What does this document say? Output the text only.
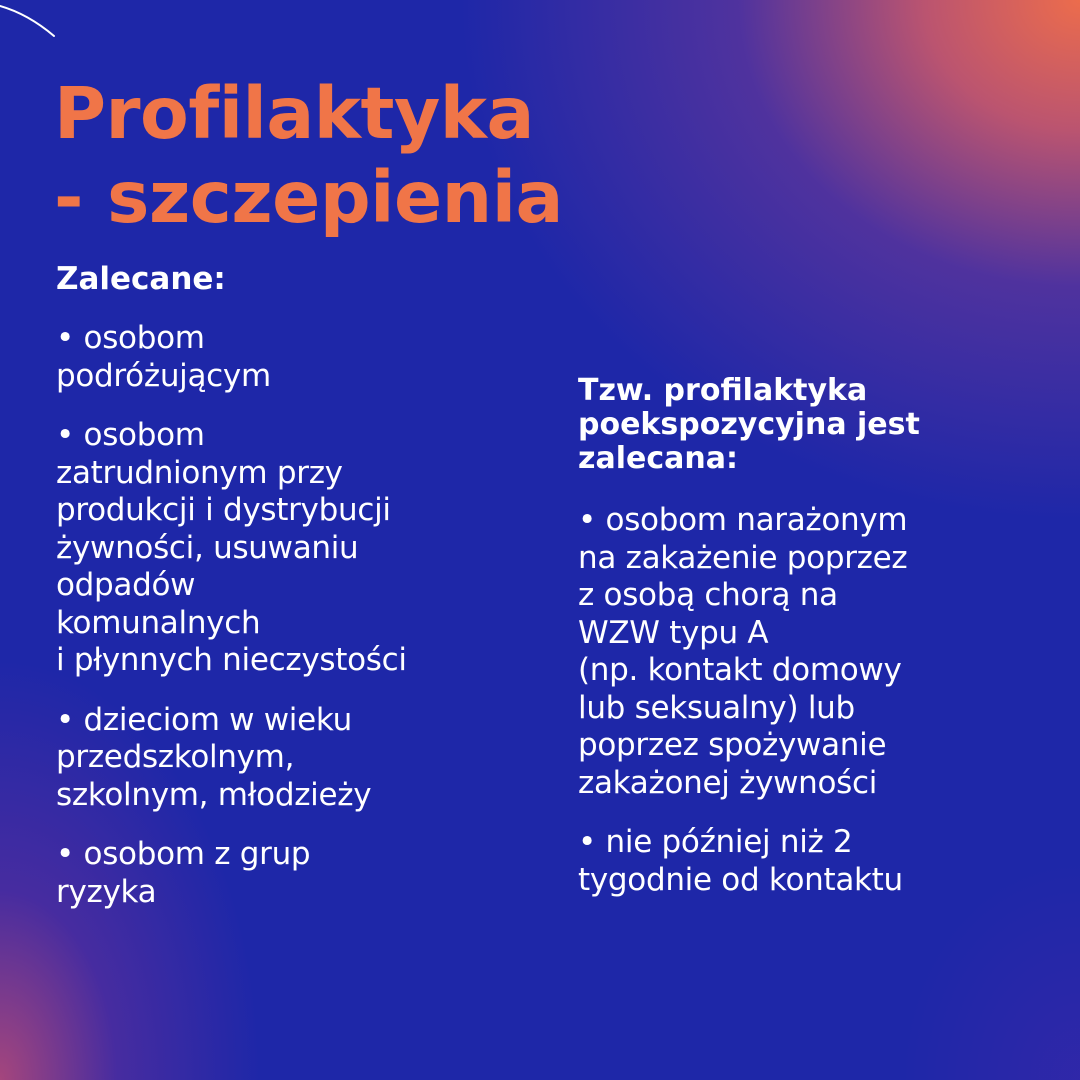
Profilaktyka
- szczepienia
Zalecane:
• osobom
podróżującym
• osobom
zatrudnionym przy
produkcji i dystrybucji
żywności, usuwaniu
odpadów
komunalnych
i płynnych nieczystości
• dzieciom w wieku
przedszkolnym,
szkolnym, młodzieży
• osobom z grup
ryzyka
Tzw. profilaktyka
poekspozycyjna jest
zalecana:
• osobom narażonym
na zakażenie poprzez
z osobą chorą na
WZW typu A
(np. kontakt domowy
lub seksualny) lub
poprzez spożywanie
zakażonej żywności
• nie później niż 2
tygodnie od kontaktu
